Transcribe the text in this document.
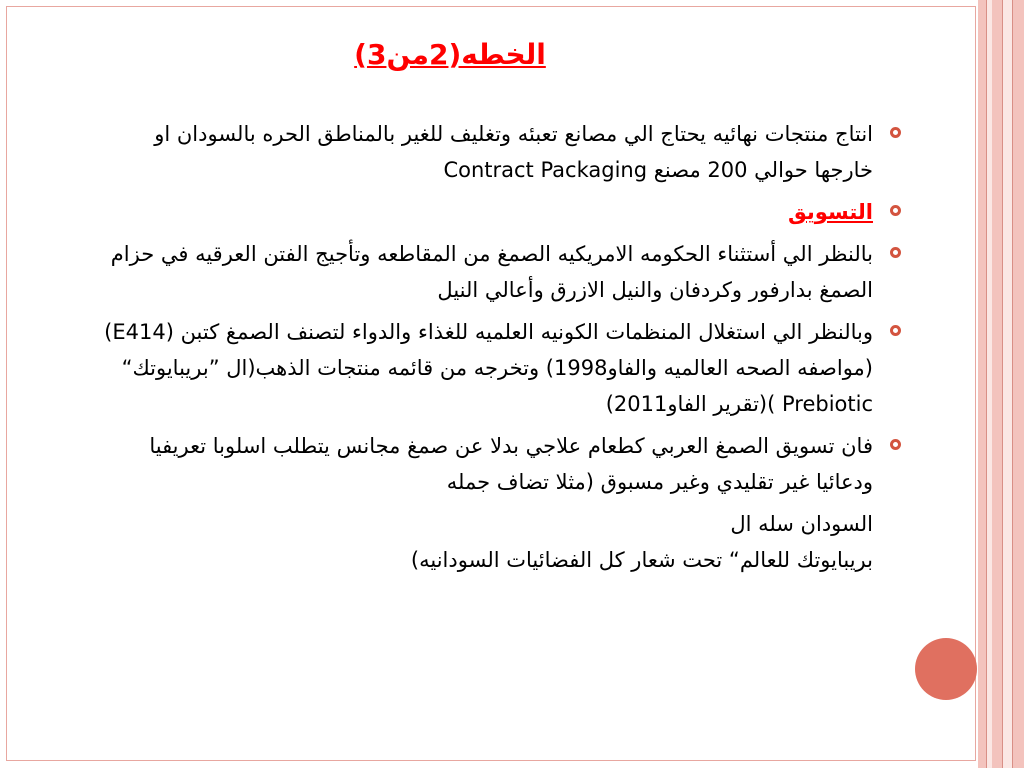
الخطه(2من3)
انتاج منتجات نهائيه يحتاج الي مصانع تعبئه وتغليف للغير بالمناطق الحره بالسودان او خارجها حوالي 200 مصنع Contract Packaging
التسويق
بالنظر الي أستثناء الحكومه الامريكيه الصمغ من المقاطعه وتأجيج الفتن العرقيه في حزام الصمغ بدارفور وكردفان والنيل الازرق وأعالي النيل
وبالنظر الي استغلال المنظمات الكونيه العلميه للغذاء والدواء لتصنف الصمغ كتبن (E414)(مواصفه الصحه العالميه والفاو1998) وتخرجه من قائمه منتجات الذهب(ال ”بريبايوتك“ Prebiotic )(تقرير الفاو2011)
فان تسويق الصمغ العربي كطعام علاجي بدلا عن صمغ مجانس يتطلب اسلوبا تعريفيا ودعائيا غير تقليدي وغير مسبوق (مثلا تضاف جمله
السودان سله ال
بريبايوتك للعالم“ تحت شعار كل الفضائيات السودانيه)
